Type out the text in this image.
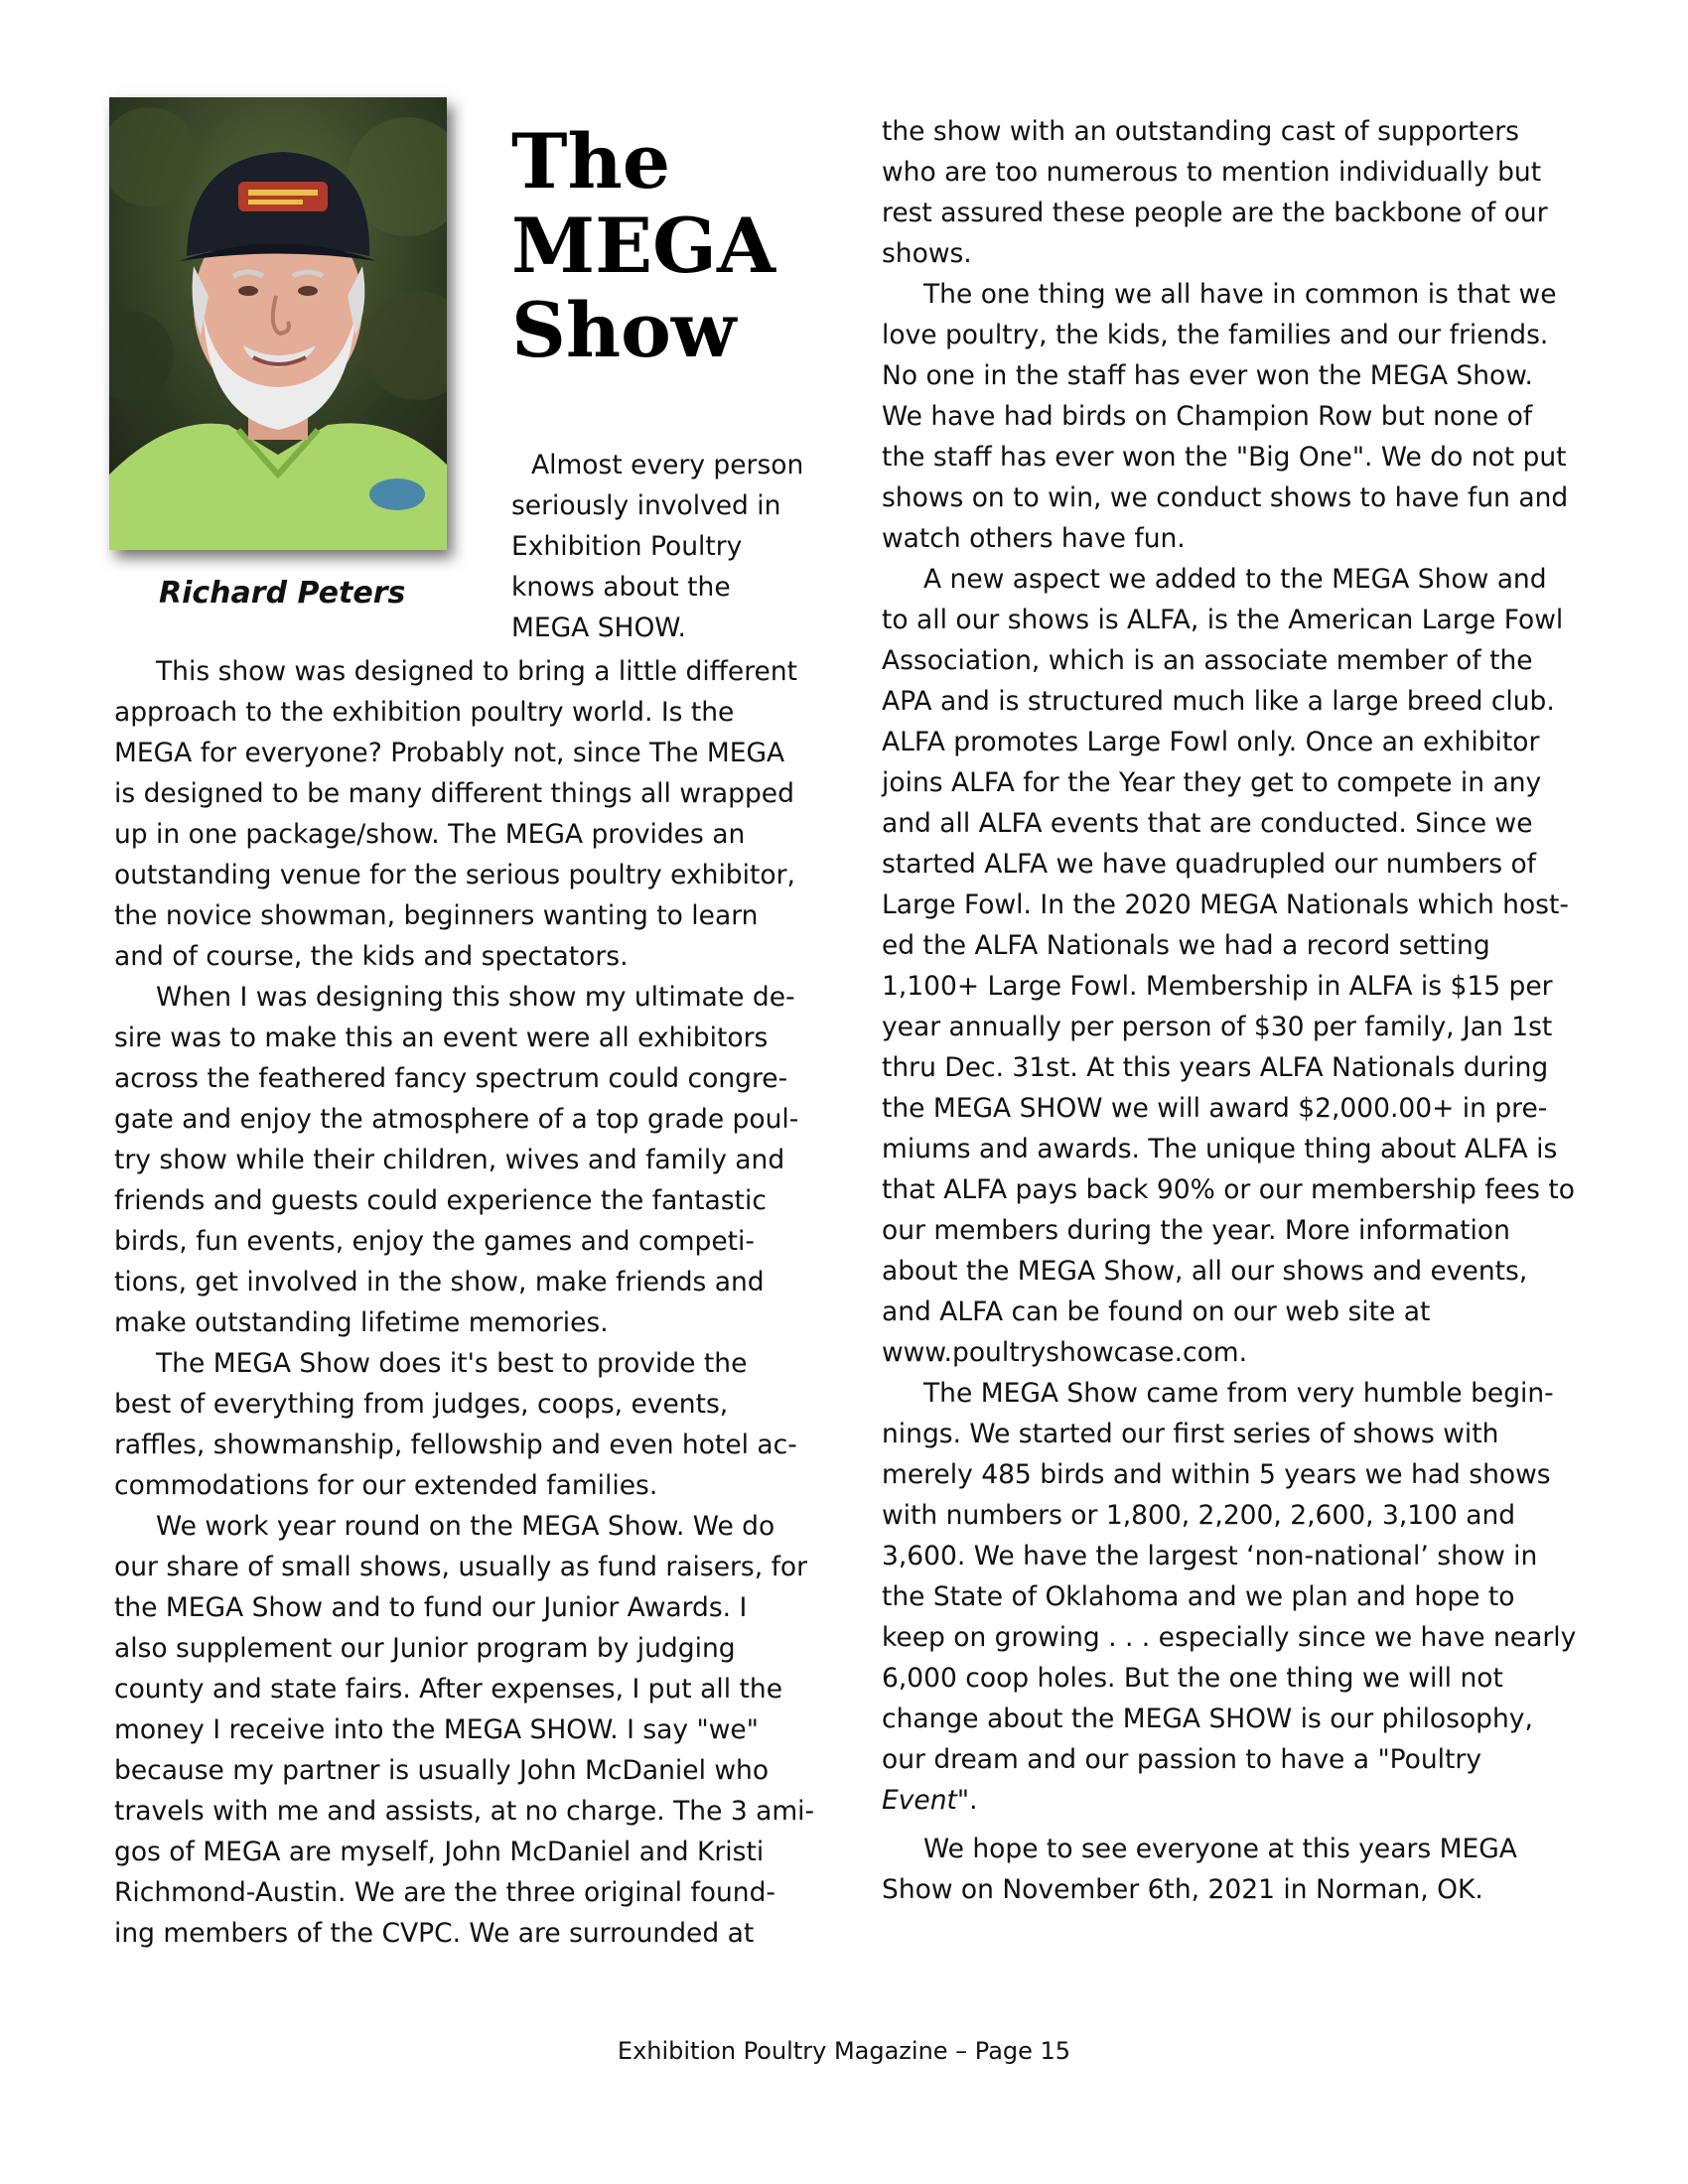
Richard Peters
The
MEGA
Show
Almost every person
seriously involved in
Exhibition Poultry
knows about the
MEGA SHOW.
This show was designed to bring a little different
approach to the exhibition poultry world. Is the
MEGA for everyone? Probably not, since The MEGA
is designed to be many different things all wrapped
up in one package/show. The MEGA provides an
outstanding venue for the serious poultry exhibitor,
the novice showman, beginners wanting to learn
and of course, the kids and spectators.
When I was designing this show my ultimate de-
sire was to make this an event were all exhibitors
across the feathered fancy spectrum could congre-
gate and enjoy the atmosphere of a top grade poul-
try show while their children, wives and family and
friends and guests could experience the fantastic
birds, fun events, enjoy the games and competi-
tions, get involved in the show, make friends and
make outstanding lifetime memories.
The MEGA Show does it's best to provide the
best of everything from judges, coops, events,
raffles, showmanship, fellowship and even hotel ac-
commodations for our extended families.
We work year round on the MEGA Show. We do
our share of small shows, usually as fund raisers, for
the MEGA Show and to fund our Junior Awards. I
also supplement our Junior program by judging
county and state fairs. After expenses, I put all the
money I receive into the MEGA SHOW. I say "we"
because my partner is usually John McDaniel who
travels with me and assists, at no charge. The 3 ami-
gos of MEGA are myself, John McDaniel and Kristi
Richmond-Austin. We are the three original found-
ing members of the CVPC. We are surrounded at
the show with an outstanding cast of supporters
who are too numerous to mention individually but
rest assured these people are the backbone of our
shows.
The one thing we all have in common is that we
love poultry, the kids, the families and our friends.
No one in the staff has ever won the MEGA Show.
We have had birds on Champion Row but none of
the staff has ever won the "Big One". We do not put
shows on to win, we conduct shows to have fun and
watch others have fun.
A new aspect we added to the MEGA Show and
to all our shows is ALFA, is the American Large Fowl
Association, which is an associate member of the
APA and is structured much like a large breed club.
ALFA promotes Large Fowl only. Once an exhibitor
joins ALFA for the Year they get to compete in any
and all ALFA events that are conducted. Since we
started ALFA we have quadrupled our numbers of
Large Fowl. In the 2020 MEGA Nationals which host-
ed the ALFA Nationals we had a record setting
1,100+ Large Fowl. Membership in ALFA is $15 per
year annually per person of $30 per family, Jan 1st
thru Dec. 31st. At this years ALFA Nationals during
the MEGA SHOW we will award $2,000.00+ in pre-
miums and awards. The unique thing about ALFA is
that ALFA pays back 90% or our membership fees to
our members during the year. More information
about the MEGA Show, all our shows and events,
and ALFA can be found on our web site at
www.poultryshowcase.com.
The MEGA Show came from very humble begin-
nings. We started our first series of shows with
merely 485 birds and within 5 years we had shows
with numbers or 1,800, 2,200, 2,600, 3,100 and
3,600. We have the largest ‘non-national’ show in
the State of Oklahoma and we plan and hope to
keep on growing . . . especially since we have nearly
6,000 coop holes. But the one thing we will not
change about the MEGA SHOW is our philosophy,
our dream and our passion to have a "Poultry
Event".
We hope to see everyone at this years MEGA
Show on November 6th, 2021 in Norman, OK.
Exhibition Poultry Magazine – Page 15
